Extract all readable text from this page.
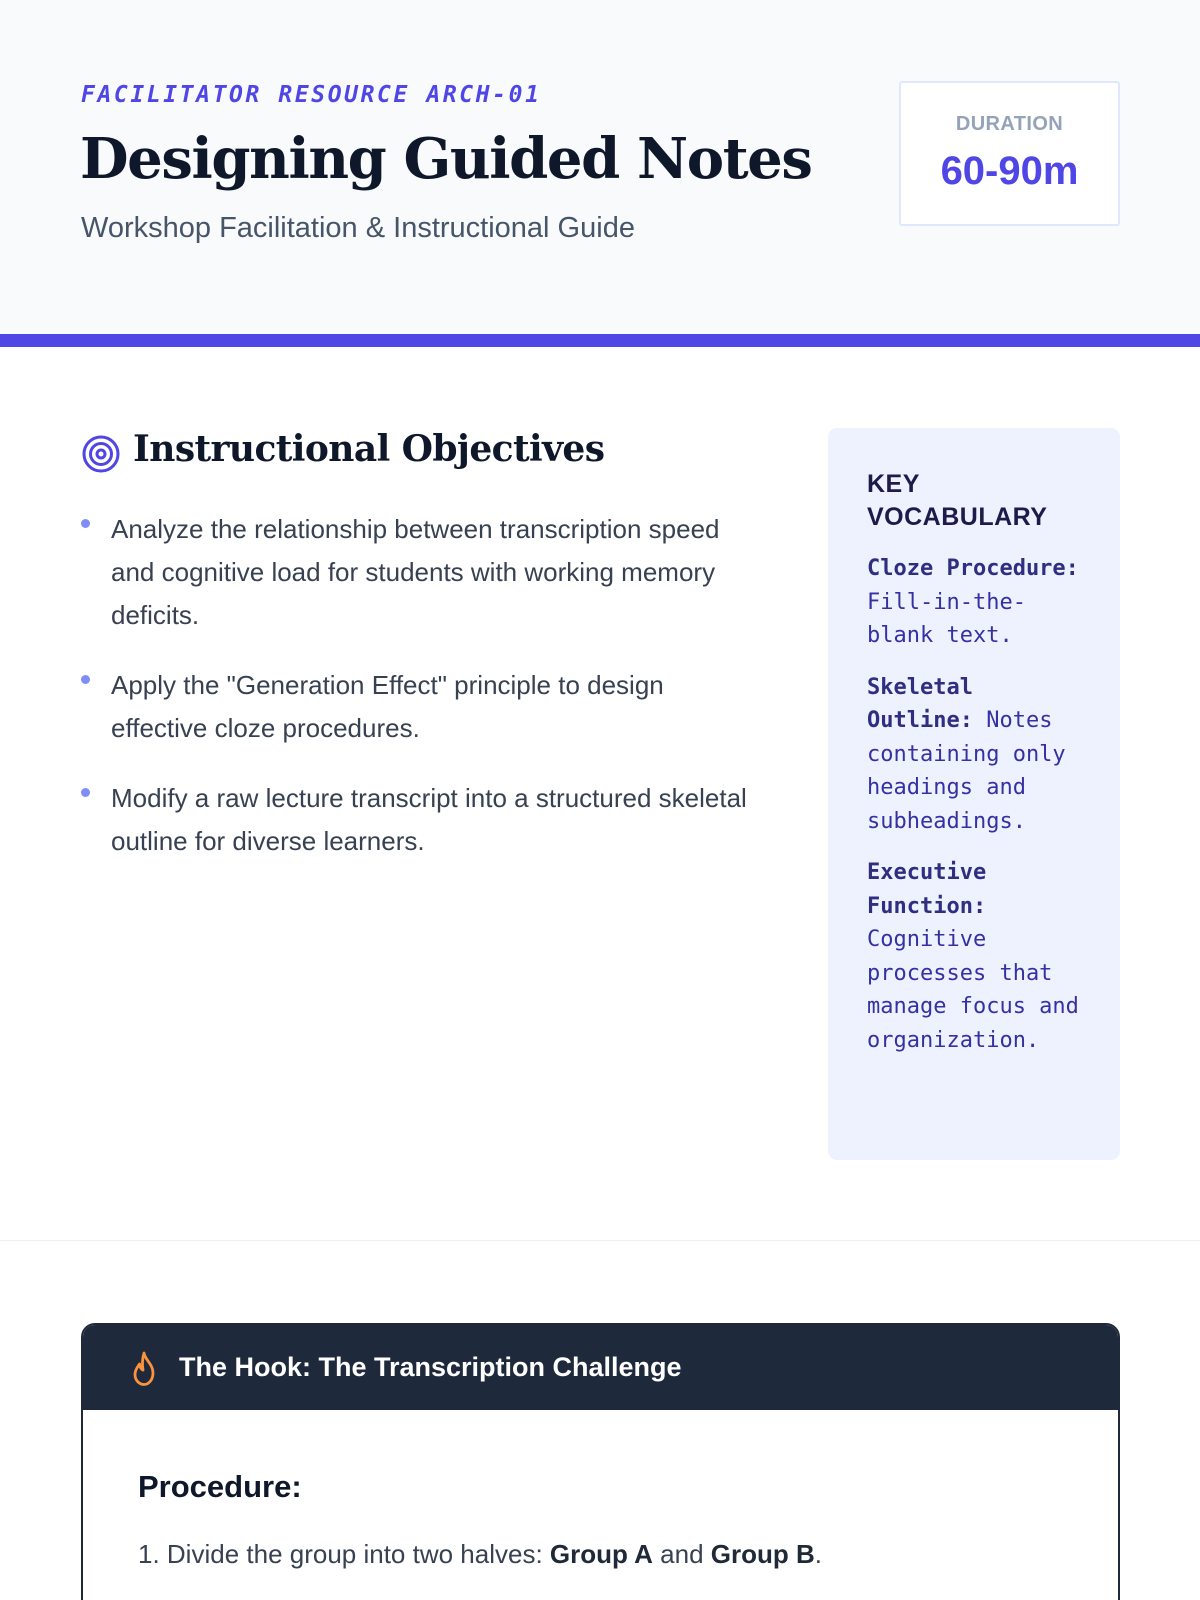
FACILITATOR RESOURCE ARCH-01
Designing Guided Notes
Workshop Facilitation & Instructional Guide
DURATION
60-90m
Instructional Objectives
Analyze the relationship between transcription speed and cognitive load for students with working memory deficits.
Apply the "Generation Effect" principle to design effective cloze procedures.
Modify a raw lecture transcript into a structured skeletal outline for diverse learners.
KEY VOCABULARY
Cloze Procedure: Fill-in-the-blank text.
Skeletal Outline: Notes containing only headings and subheadings.
Executive Function: Cognitive processes that manage focus and organization.
The Hook: The Transcription Challenge
Procedure:
1. Divide the group into two halves: Group A and Group B.
